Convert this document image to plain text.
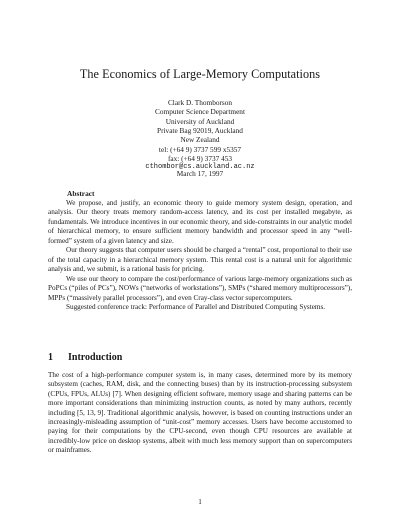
The Economics of Large-Memory Computations
Clark D. Thomborson
Computer Science Department
University of Auckland
Private Bag 92019, Auckland
New Zealand
tel: (+64 9) 3737 599 x5357
fax: (+64 9) 3737 453
cthombor@cs.auckland.ac.nz
March 17, 1997
Abstract

We propose, and justify, an economic theory to guide memory system design, operation, and analysis. Our theory treats memory random-access latency, and its cost per installed megabyte, as fundamentals. We introduce incentives in our economic theory, and side-constraints in our analytic model of hierarchical memory, to ensure sufficient memory bandwidth and processor speed in any “well-formed” system of a given latency and size.

Our theory suggests that computer users should be charged a “rental” cost, proportional to their use of the total capacity in a hierarchical memory system. This rental cost is a natural unit for algorithmic analysis and, we submit, is a rational basis for pricing.

We use our theory to compare the cost/performance of various large-memory organizations such as PoPCs (“piles of PCs”), NOWs (“networks of workstations”), SMPs (“shared memory multiprocessors”), MPPs (“massively parallel processors”), and even Cray-class vector supercomputers.

Suggested conference track: Performance of Parallel and Distributed Computing Systems.

1 Introduction

The cost of a high-performance computer system is, in many cases, determined more by its memory subsystem (caches, RAM, disk, and the connecting buses) than by its instruction-processing subsystem (CPUs, FPUs, ALUs) [7]. When designing efficient software, memory usage and sharing patterns can be more important considerations than minimizing instruction counts, as noted by many authors, recently including [5, 13, 9]. Traditional algorithmic analysis, however, is based on counting instructions under an increasingly-misleading assumption of “unit-cost” memory accesses. Users have become accustomed to paying for their computations by the CPU-second, even though CPU resources are available at incredibly-low price on desktop systems, albeit with much less memory support than on supercomputers or mainframes.

1
